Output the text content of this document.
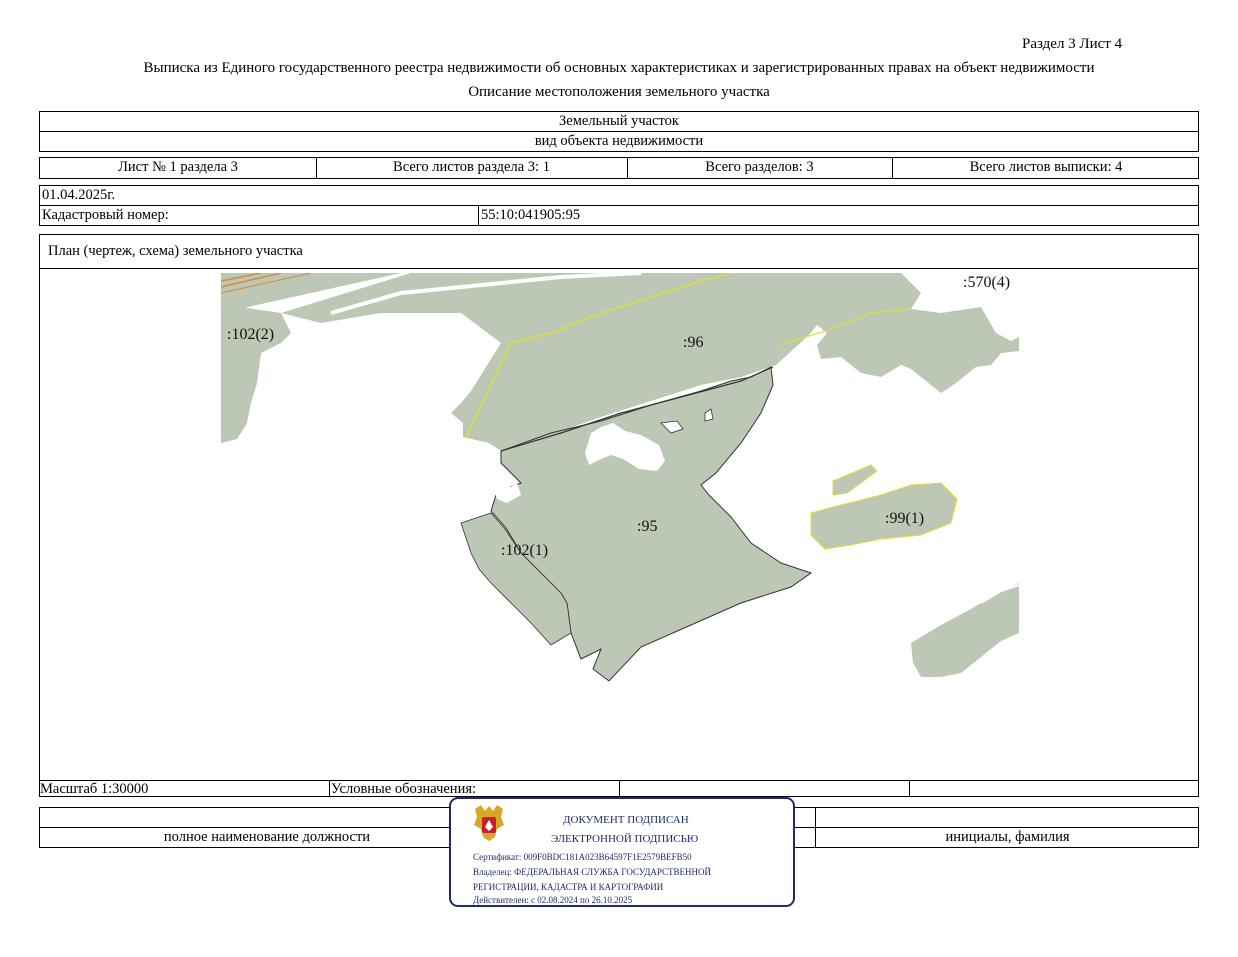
Раздел 3 Лист 4
Выписка из Единого государственного реестра недвижимости об основных характеристиках и зарегистрированных правах на объект недвижимости
Описание местоположения земельного участка
Земельный участок
вид объекта недвижимости
Лист № 1 раздела 3	Всего листов раздела 3: 1	Всего разделов: 3	Всего листов выписки: 4
01.04.2025г.
Кадастровый номер:	55:10:041905:95
План (чертеж, схема) земельного участка
Масштаб 1:30000	Условные обозначения:
:570(4)
:102(2)	:96
:95
:102(1)
:99(1)
полное наименование должности	инициалы, фамилия
ДОКУМЕНТ ПОДПИСАН
ЭЛЕКТРОННОЙ ПОДПИСЬЮ
Сертификат: 009F0BDC181A023B64597F1E2579BEFB50
Владелец: ФЕДЕРАЛЬНАЯ СЛУЖБА ГОСУДАРСТВЕННОЙ
РЕГИСТРАЦИИ, КАДАСТРА И КАРТОГРАФИИ
Действителен: с 02.08.2024 по 26.10.2025
